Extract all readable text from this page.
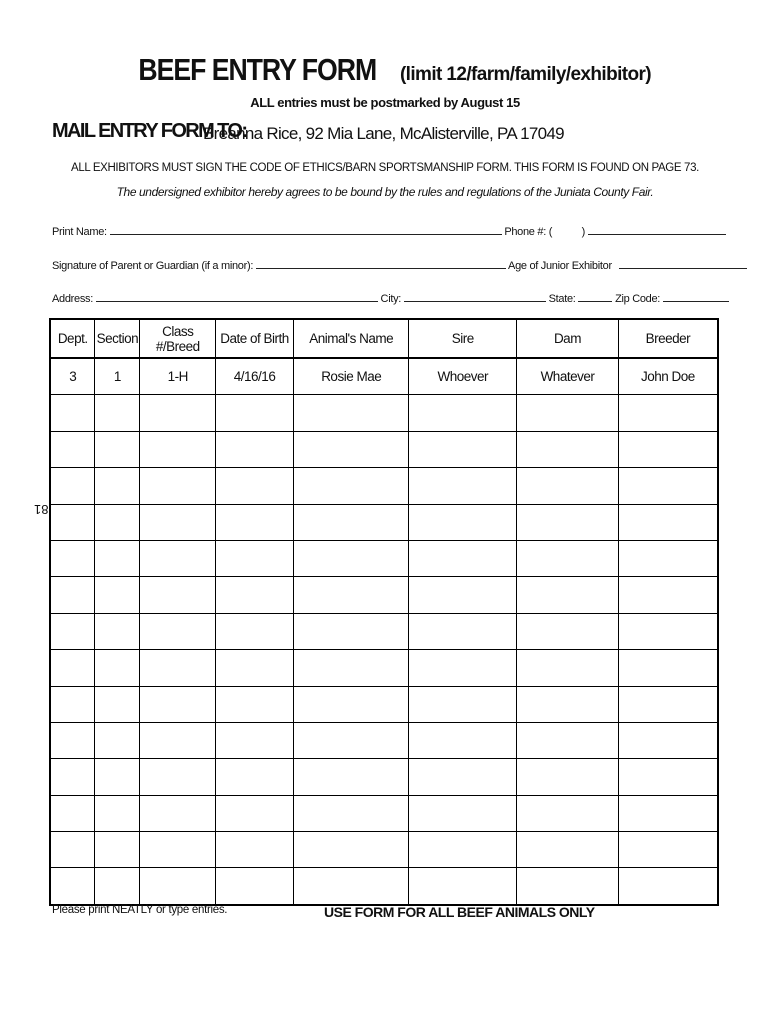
BEEF ENTRY FORM (limit 12/farm/family/exhibitor)
ALL entries must be postmarked by August 15
MAIL ENTRY FORM TO:
Breanna Rice, 92 Mia Lane, McAlisterville, PA 17049
ALL EXHIBITORS MUST SIGN THE CODE OF ETHICS/BARN SPORTSMANSHIP FORM. THIS FORM IS FOUND ON PAGE 73.
The undersigned exhibitor hereby agrees to be bound by the rules and regulations of the Juniata County Fair.
Print Name:	Phone #: (	)
Signature of Parent or Guardian (if a minor):	Age of Junior Exhibitor
Address:	City:	State:	Zip Code:
81
Dept.	Section	Class #/Breed	Date of Birth	Animal's Name	Sire	Dam	Breeder
3	1	1-H	4/16/16	Rosie Mae	Whoever	Whatever	John Doe

Please print NEATLY or type entries.	USE FORM FOR ALL BEEF ANIMALS ONLY
